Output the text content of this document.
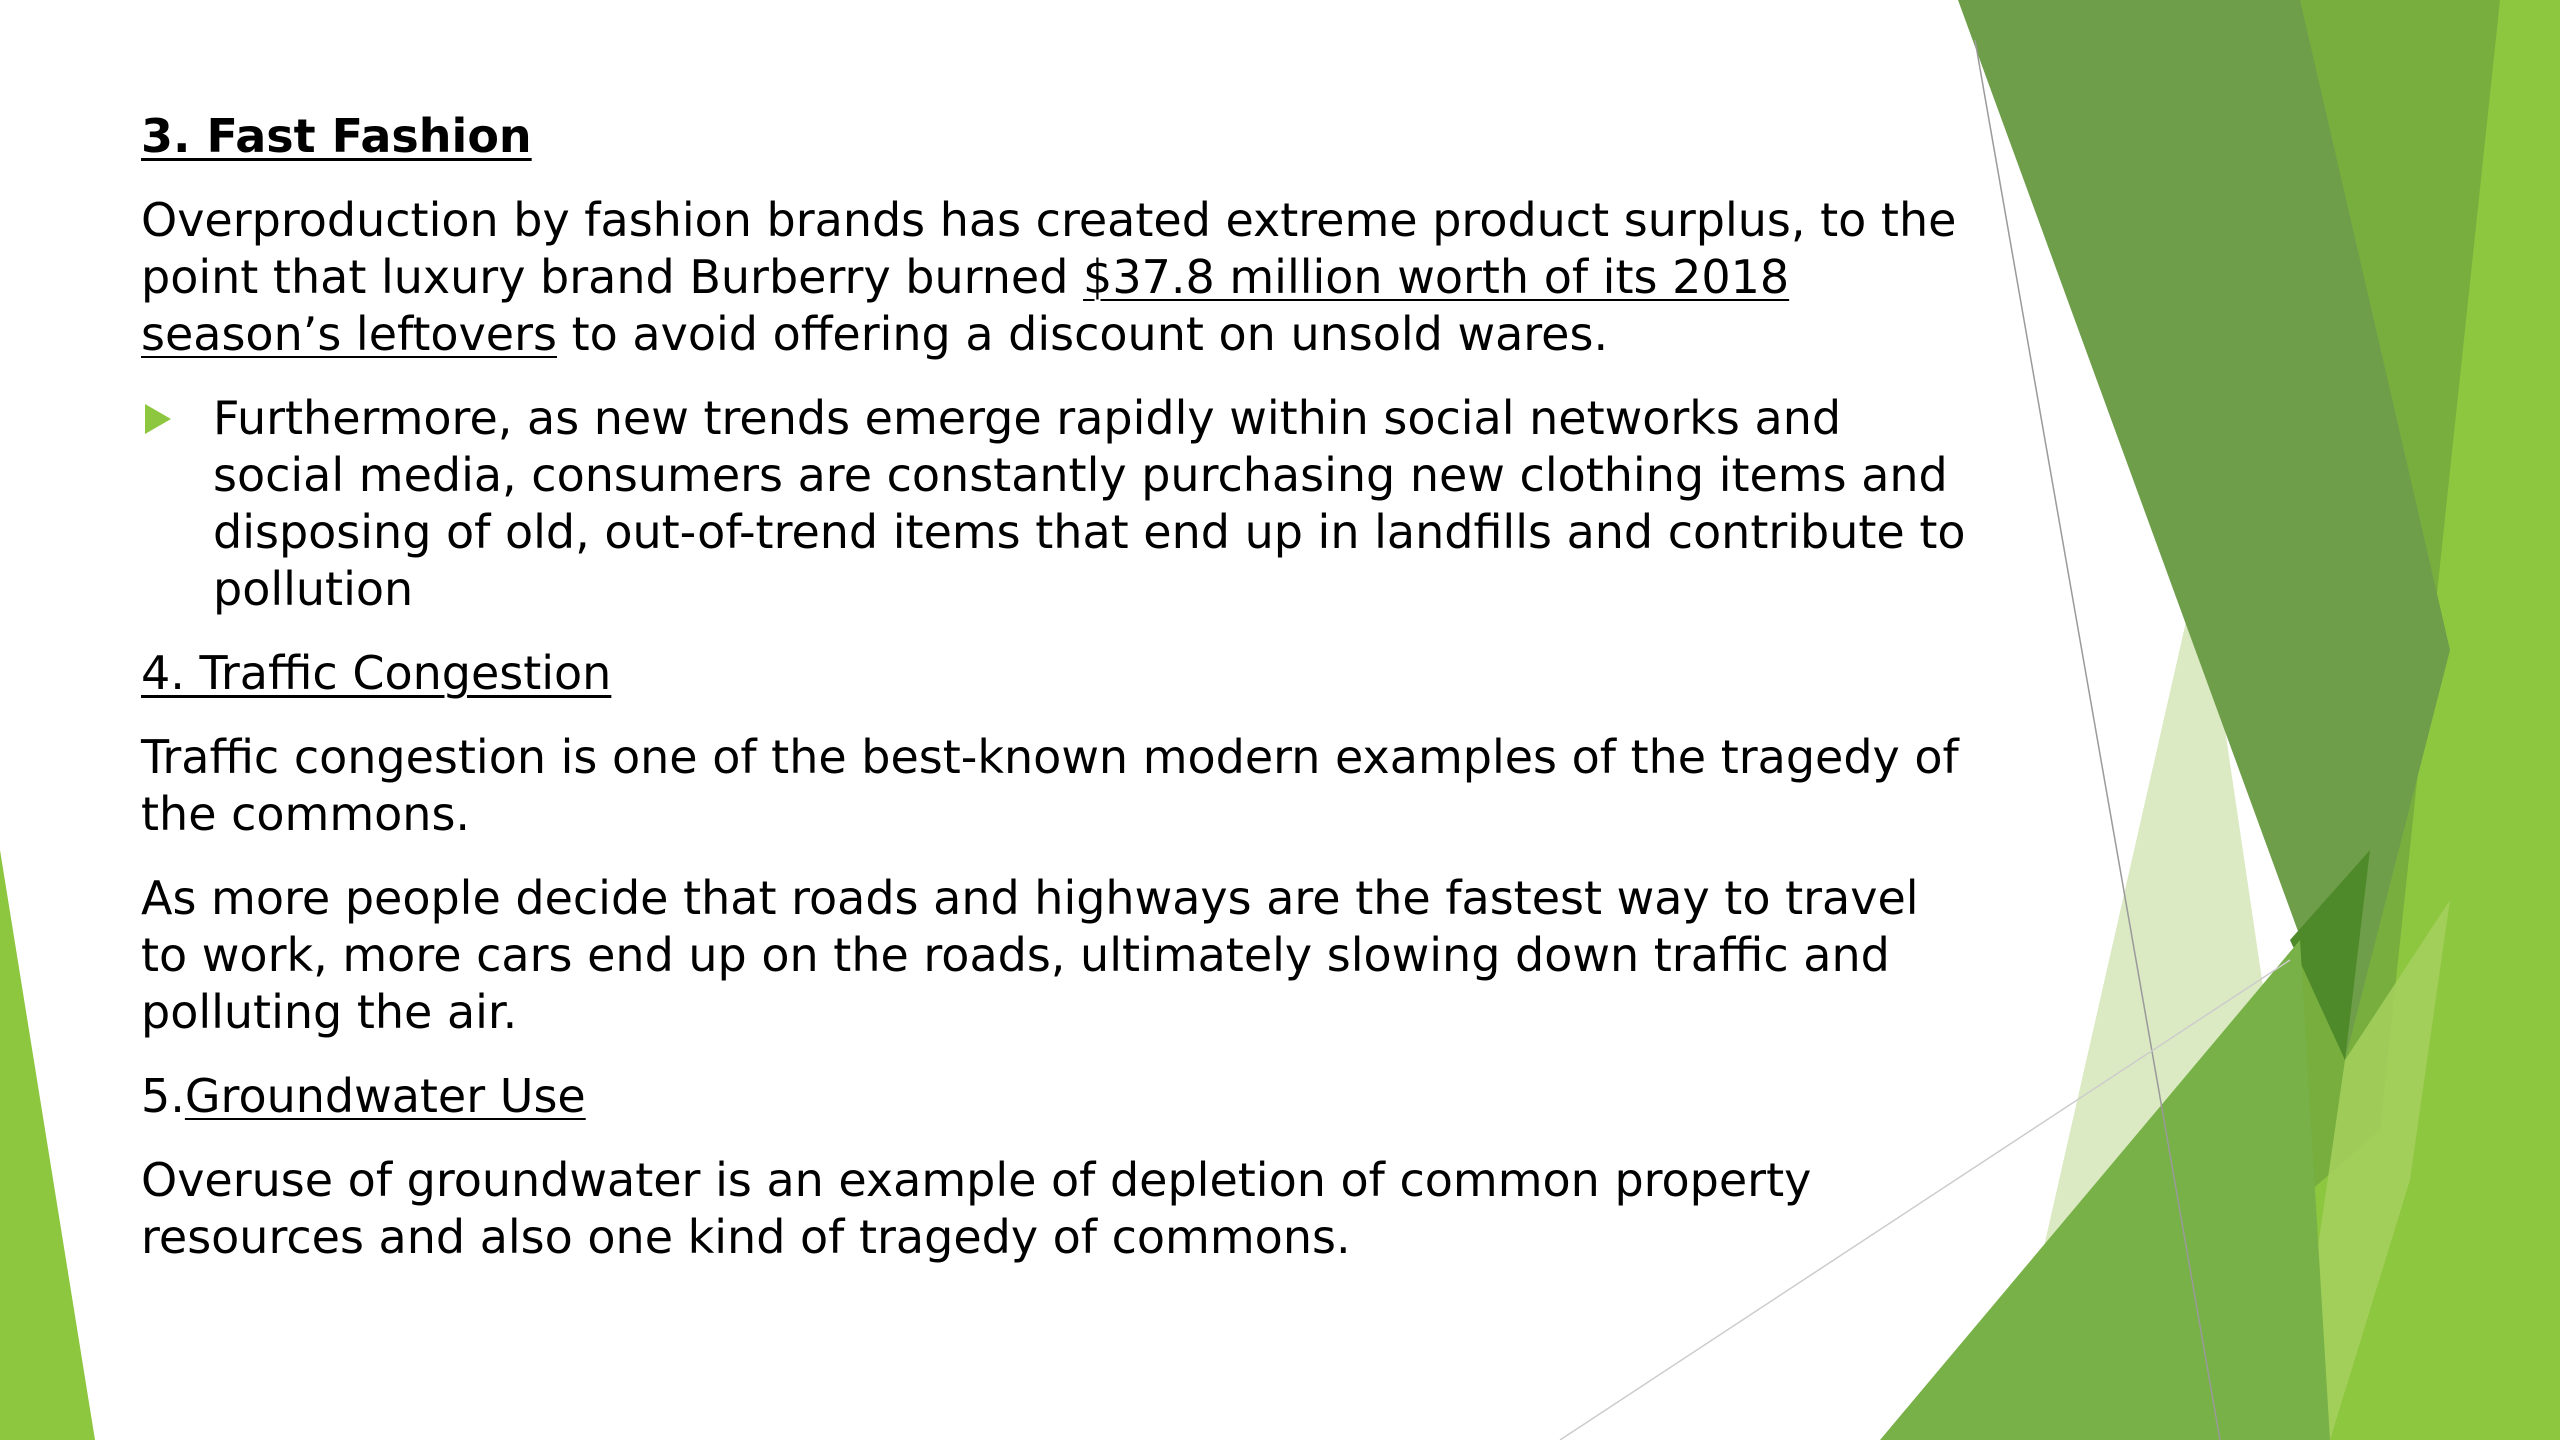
3. Fast Fashion

Overproduction by fashion brands has created extreme product surplus, to the point that luxury brand Burberry burned $37.8 million worth of its 2018 season’s leftovers to avoid offering a discount on unsold wares.

Furthermore, as new trends emerge rapidly within social networks and social media, consumers are constantly purchasing new clothing items and disposing of old, out-of-trend items that end up in landfills and contribute to pollution

4. Traffic Congestion

Traffic congestion is one of the best-known modern examples of the tragedy of the commons.

As more people decide that roads and highways are the fastest way to travel to work, more cars end up on the roads, ultimately slowing down traffic and polluting the air.

5.Groundwater Use

Overuse of groundwater is an example of depletion of common property resources and also one kind of tragedy of commons.
